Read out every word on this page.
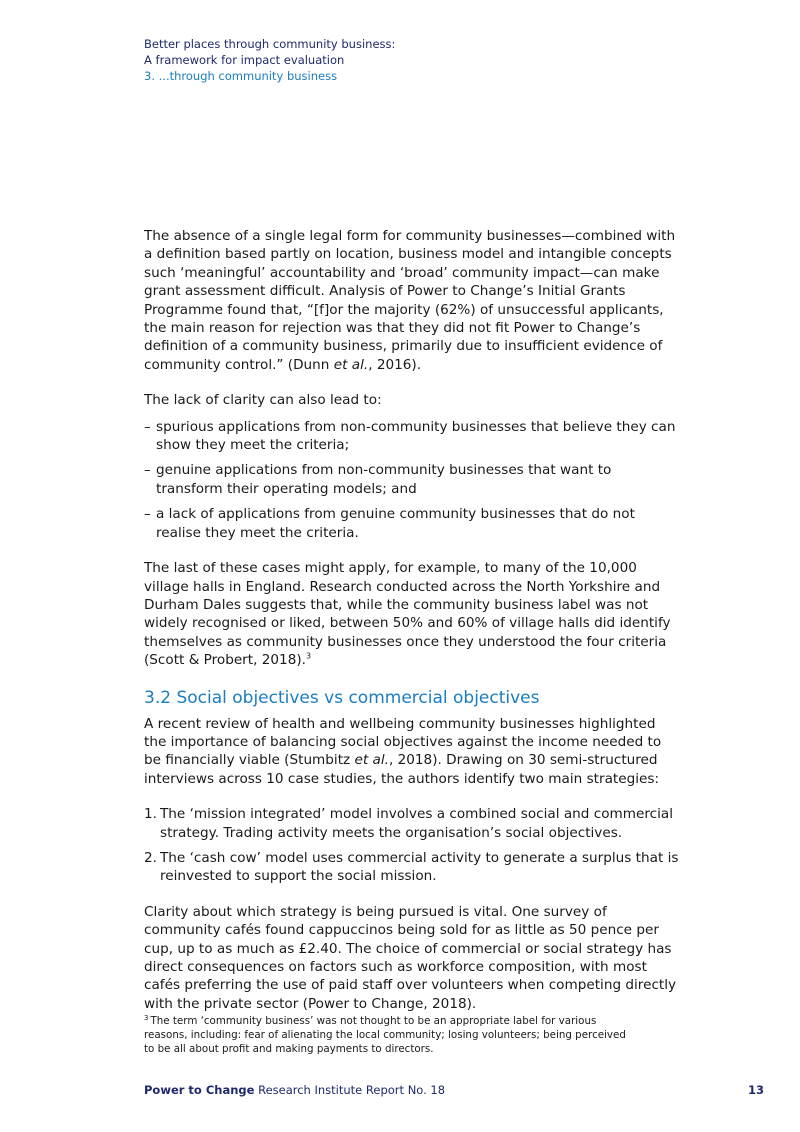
Better places through community business:
A framework for impact evaluation
3. ...through community business

The absence of a single legal form for community businesses—combined with a definition based partly on location, business model and intangible concepts such ‘meaningful’ accountability and ‘broad’ community impact—can make grant assessment difficult. Analysis of Power to Change’s Initial Grants Programme found that, “[f]or the majority (62%) of unsuccessful applicants, the main reason for rejection was that they did not fit Power to Change’s definition of a community business, primarily due to insufficient evidence of community control.” (Dunn et al., 2016).

The lack of clarity can also lead to:

– spurious applications from non-community businesses that believe they can show they meet the criteria;
– genuine applications from non-community businesses that want to transform their operating models; and
– a lack of applications from genuine community businesses that do not realise they meet the criteria.

The last of these cases might apply, for example, to many of the 10,000 village halls in England. Research conducted across the North Yorkshire and Durham Dales suggests that, while the community business label was not widely recognised or liked, between 50% and 60% of village halls did identify themselves as community businesses once they understood the four criteria (Scott & Probert, 2018).$^3$

3.2 Social objectives vs commercial objectives

A recent review of health and wellbeing community businesses highlighted the importance of balancing social objectives against the income needed to be financially viable (Stumbitz et al., 2018). Drawing on 30 semi-structured interviews across 10 case studies, the authors identify two main strategies:

1. The ‘mission integrated’ model involves a combined social and commercial strategy. Trading activity meets the organisation’s social objectives.
2. The ‘cash cow’ model uses commercial activity to generate a surplus that is reinvested to support the social mission.

Clarity about which strategy is being pursued is vital. One survey of community cafés found cappuccinos being sold for as little as 50 pence per cup, up to as much as £2.40. The choice of commercial or social strategy has direct consequences on factors such as workforce composition, with most cafés preferring the use of paid staff over volunteers when competing directly with the private sector (Power to Change, 2018).

$^3$ The term ‘community business’ was not thought to be an appropriate label for various reasons, including: fear of alienating the local community; losing volunteers; being perceived to be all about profit and making payments to directors.
Power to Change Research Institute Report No. 18	13
